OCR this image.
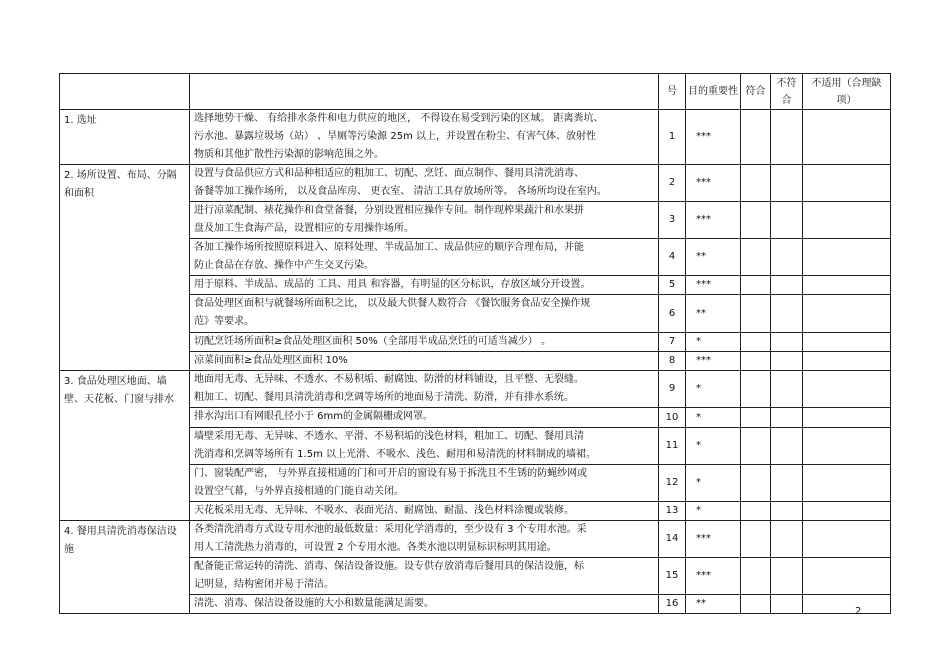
		号	目的重要性	符合	不符合	不适用（合理缺项）
1. 选址	选择地势干燥、 有给排水条件和电力供应的地区， 不得设在易受到污染的区域。 距离粪坑、
污水池、暴露垃圾场（站） 、旱厕等污染源 25m 以上，并设置在粉尘、有害气体、放射性
物质和其他扩散性污染源的影响范围之外。	1	***			
2. 场所设置、布局、分隔和面积	设置与食品供应方式和品种相适应的粗加工、切配、烹饪、面点制作、餐用具清洗消毒、
备餐等加工操作场所， 以及食品库房、 更衣室、 清洁工具存放场所等。 各场所均设在室内。	2	***			

	进行凉菜配制、裱花操作和食堂备餐，分别设置相应操作专间。制作现榨果蔬汁和水果拼
盘及加工生食海产品，设置相应的专用操作场所。	3	***			

	各加工操作场所按照原料进入、原料处理、半成品加工、成品供应的顺序合理布局，并能
防止食品在存放、操作中产生交叉污染。	4	**			

	用于原料、半成品、成品的 工具、用具 和容器，有明显的区分标识，存放区域分开设置。	5	***			

	食品处理区面积与就餐场所面积之比， 以及最大供餐人数符合 《餐饮服务食品安全操作规
范》等要求。	6	**			

	切配烹饪场所面积≥食品处理区面积 50%（全部用半成品烹饪的可适当减少） 。	7	*			

	凉菜间面积≥食品处理区面积 10%	8	***			
3. 食品处理区地面、墙壁、天花板、门窗与排水	地面用无毒、无异味、不透水、不易积垢、耐腐蚀、防滑的材料铺设，且平整、无裂缝。
粗加工、切配、餐用具清洗消毒和烹调等场所的地面易于清洗、防滑，并有排水系统。	9	*			

	排水沟出口有网眼孔径小于 6mm的金属隔栅或网罩。	10	*			

	墙壁采用无毒、无异味、不透水、平滑、不易积垢的浅色材料，粗加工、切配、餐用具清
洗消毒和烹调等场所有 1.5m 以上光滑、不吸水、浅色、耐用和易清洗的材料制成的墙裙。	11	*			

	门、窗装配严密， 与外界直接相通的门和可开启的窗设有易于拆洗且不生锈的防蝇纱网或
设置空气幕，与外界直接相通的门能自动关闭。	12	*			

	天花板采用无毒、无异味、不吸水、表面光洁、耐腐蚀、耐温、浅色材料涂覆或装修。	13	*			
4. 餐用具清洗消毒保洁设施	各类清洗消毒方式设专用水池的最低数量：采用化学消毒的，至少设有 3 个专用水池。采
用人工清洗热力消毒的，可设置 2 个专用水池。各类水池以明显标识标明其用途。	14	***			

	配备能正常运转的清洗、消毒、保洁设备设施。设专供存放消毒后餐用具的保洁设施，标
记明显，结构密闭并易于清洁。	15	***			

	清洗、消毒、保洁设备设施的大小和数量能满足需要。	16	**			
2
